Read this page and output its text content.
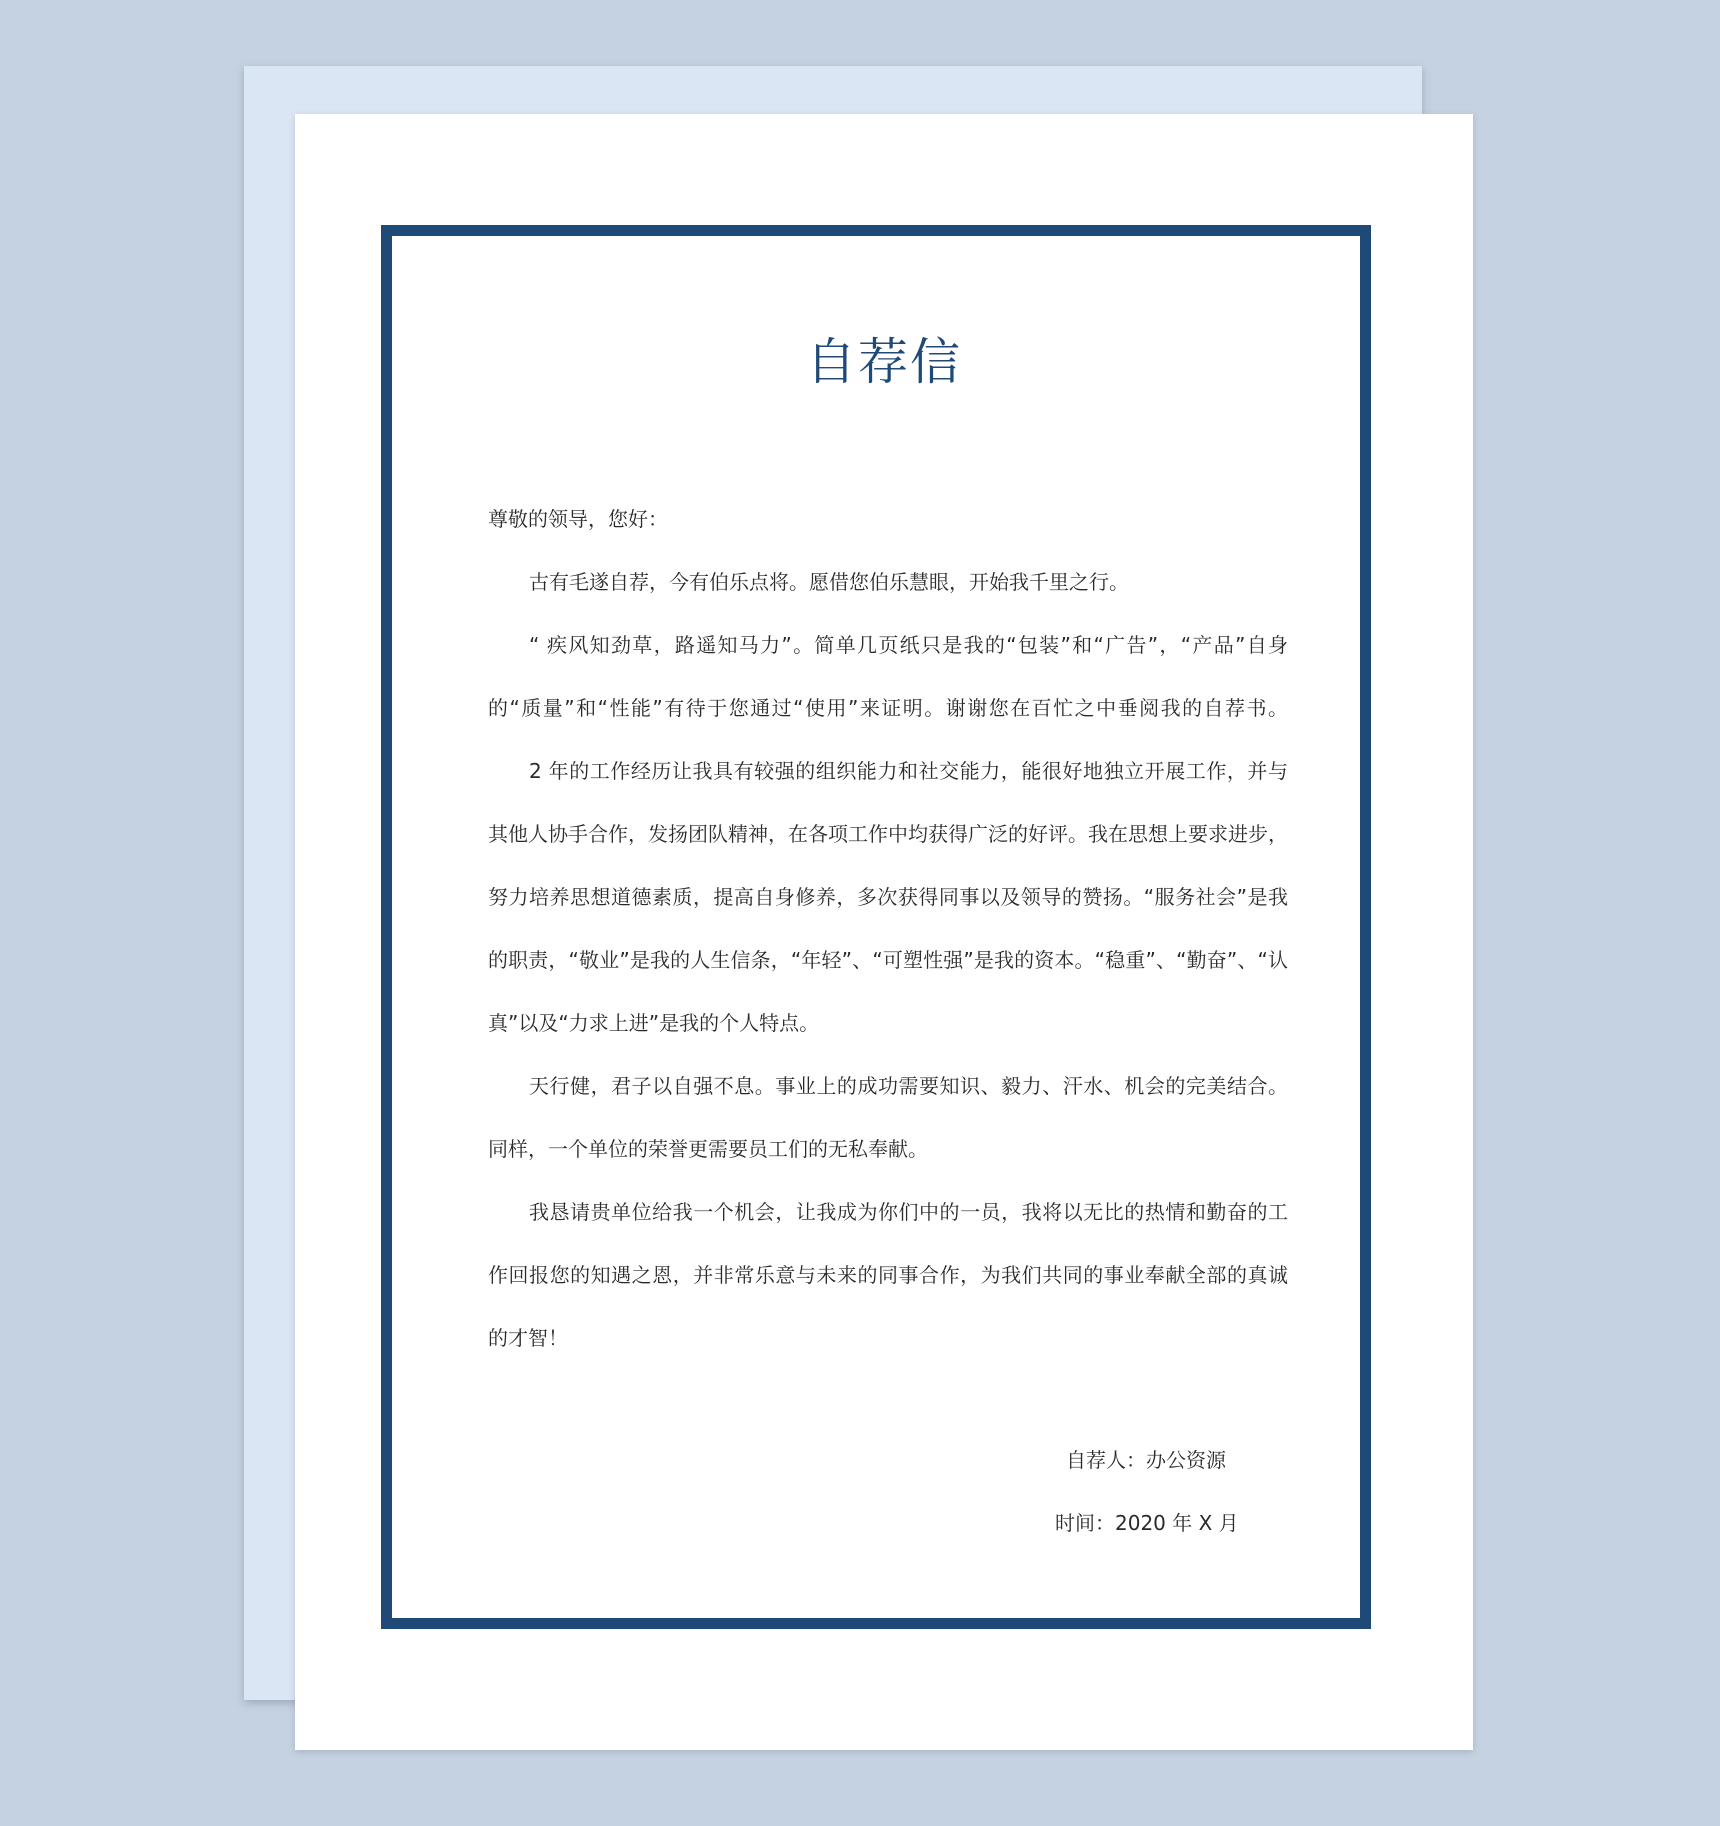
自荐信
尊敬的领导，您好：
古有毛遂自荐，今有伯乐点将。愿借您伯乐慧眼，开始我千里之行。
“ 疾风知劲草，路遥知马力”。简单几页纸只是我的“包装”和“广告”，“产品”自身
的“质量”和“性能”有待于您通过“使用”来证明。谢谢您在百忙之中垂阅我的自荐书。
2 年的工作经历让我具有较强的组织能力和社交能力，能很好地独立开展工作，并与
其他人协手合作，发扬团队精神，在各项工作中均获得广泛的好评。我在思想上要求进步，
努力培养思想道德素质，提高自身修养，多次获得同事以及领导的赞扬。“服务社会”是我
的职责，“敬业”是我的人生信条，“年轻”、“可塑性强”是我的资本。“稳重”、“勤奋”、“认
真”以及“力求上进”是我的个人特点。
天行健，君子以自强不息。事业上的成功需要知识、毅力、汗水、机会的完美结合。
同样，一个单位的荣誉更需要员工们的无私奉献。
我恳请贵单位给我一个机会，让我成为你们中的一员，我将以无比的热情和勤奋的工
作回报您的知遇之恩，并非常乐意与未来的同事合作，为我们共同的事业奉献全部的真诚
的才智！
自荐人：办公资源
时间：2020 年 X 月
